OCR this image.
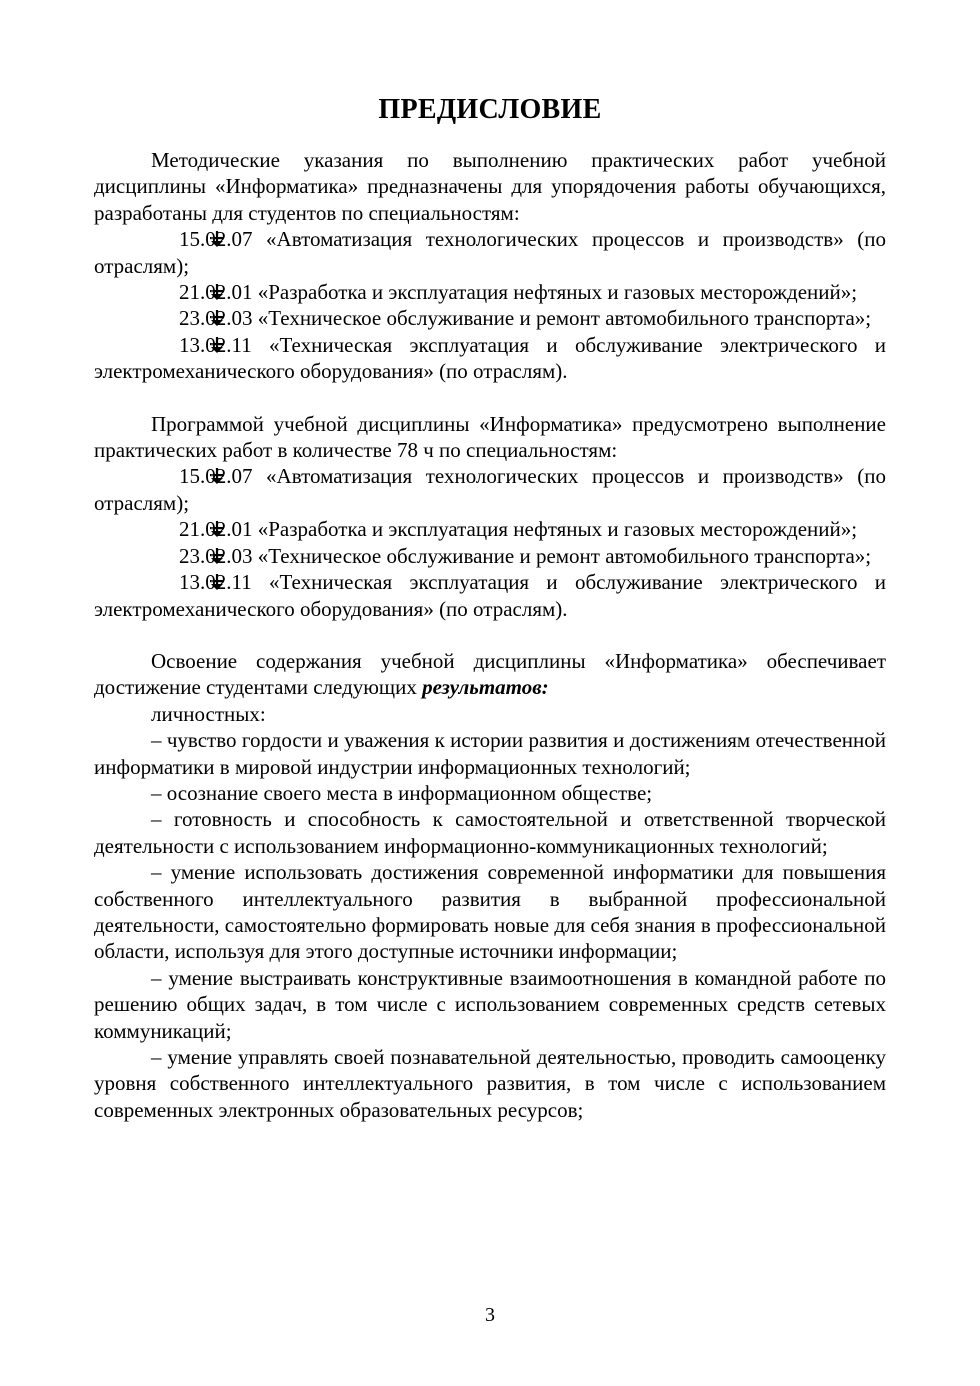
ПРЕДИСЛОВИЕ

Методические указания по выполнению практических работ учебной дисциплины «Информатика» предназначены для упорядочения работы обучающихся, разработаны для студентов по специальностям:

15.02.07 «Автоматизация технологических процессов и производств» (по отраслям);

21.02.01 «Разработка и эксплуатация нефтяных и газовых месторождений»;

23.02.03 «Техническое обслуживание и ремонт автомобильного транспорта»;

13.02.11 «Техническая эксплуатация и обслуживание электрического и электромеханического оборудования» (по отраслям).

Программой учебной дисциплины «Информатика» предусмотрено выполнение практических работ в количестве 78 ч по специальностям:

15.02.07 «Автоматизация технологических процессов и производств» (по отраслям);

21.02.01 «Разработка и эксплуатация нефтяных и газовых месторождений»;

23.02.03 «Техническое обслуживание и ремонт автомобильного транспорта»;

13.02.11 «Техническая эксплуатация и обслуживание электрического и электромеханического оборудования» (по отраслям).

Освоение содержания учебной дисциплины «Информатика» обеспечивает достижение студентами следующих результатов:

личностных:

– чувство гордости и уважения к истории развития и достижениям отечественной информатики в мировой индустрии информационных технологий;

– осознание своего места в информационном обществе;

– готовность и способность к самостоятельной и ответственной творческой деятельности с использованием информационно-коммуникационных технологий;

– умение использовать достижения современной информатики для повышения собственного интеллектуального развития в выбранной профессиональной деятельности, самостоятельно формировать новые для себя знания в профессиональной области, используя для этого доступные источники информации;

– умение выстраивать конструктивные взаимоотношения в командной работе по решению общих задач, в том числе с использованием современных средств сетевых коммуникаций;

– умение управлять своей познавательной деятельностью, проводить самооценку уровня собственного интеллектуального развития, в том числе с использованием современных электронных образовательных ресурсов;

3
